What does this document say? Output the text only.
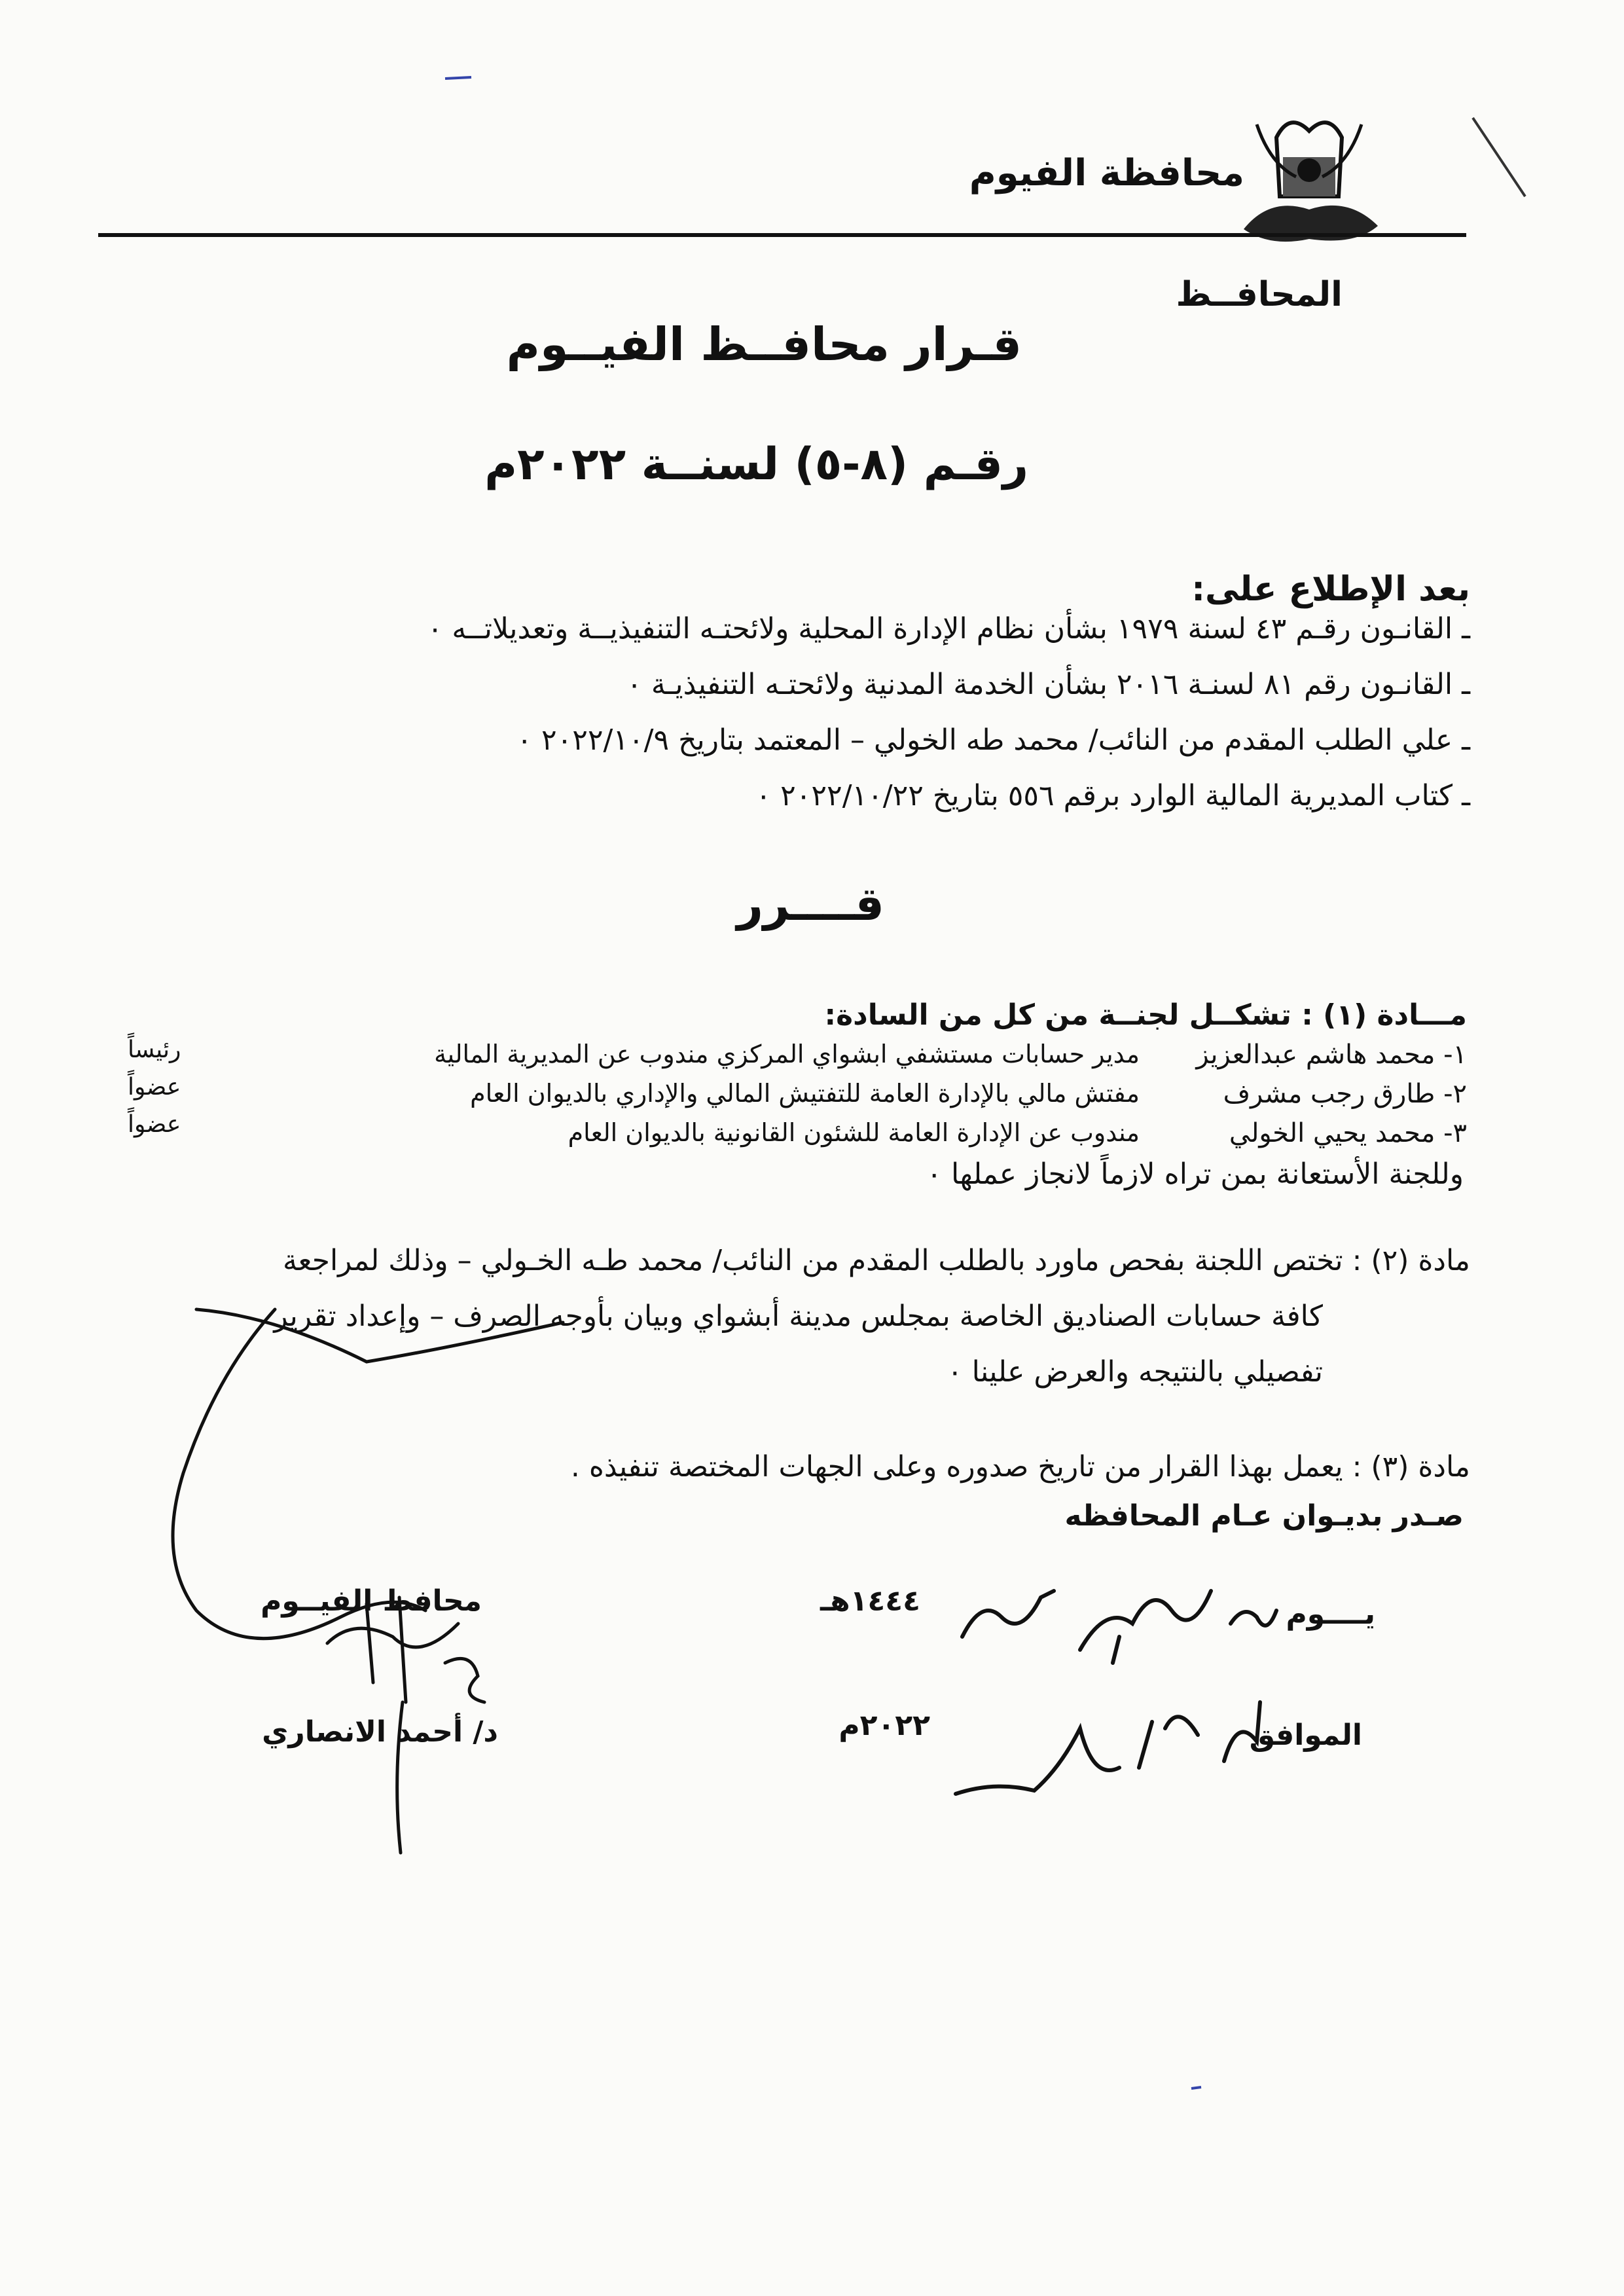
محافظة الفيوم
المحافــظ
قـرار محافــظ الفيــوم
رقـم (٨-٥) لسنــة ٢٠٢٢م
بعد الإطلاع على:
ـ القانـون رقـم ٤٣ لسنة ١٩٧٩ بشأن نظام الإدارة المحلية ولائحتـه التنفيذيــة وتعديلاتــه ٠
ـ القانـون رقم ٨١ لسنـة ٢٠١٦ بشأن الخدمة المدنية ولائحتـه التنفيذيـة ٠
ـ علي الطلب المقدم من النائب/ محمد طه الخولي – المعتمد بتاريخ ٢٠٢٢/١٠/٩ ٠
ـ كتاب المديرية المالية الوارد برقم ٥٥٦ بتاريخ ٢٠٢٢/١٠/٢٢ ٠
قــــرر
مـــادة (١) : تشكــل لجنــة من كل من السادة:
١- محمد هاشم عبدالعزيز
مدير حسابات مستشفي ابشواي المركزي مندوب عن المديرية المالية
رئيساً
٢- طارق رجب مشرف
مفتش مالي بالإدارة العامة للتفتيش المالي والإداري بالديوان العام
عضواً
٣- محمد يحيي الخولي
مندوب عن الإدارة العامة للشئون القانونية بالديوان العام
عضواً
وللجنة الأستعانة بمن تراه لازماً لانجاز عملها ٠
مادة (٢) : تختص اللجنة بفحص ماورد بالطلب المقدم من النائب/ محمد طـه الخـولي – وذلك لمراجعة
كافة حسابات الصناديق الخاصة بمجلس مدينة أبشواي وبيان بأوجه الصرف – وإعداد تقرير
تفصيلي بالنتيجه والعرض علينا ٠
مادة (٣) : يعمل بهذا القرار من تاريخ صدوره وعلى الجهات المختصة تنفيذه .
صـدر بديـوان عـام المحافظه
يــــوم
١٤٤٤هـ
الموافق
٢٠٢٢م
محافظ الفيــوم
د/ أحمد الانصاري
